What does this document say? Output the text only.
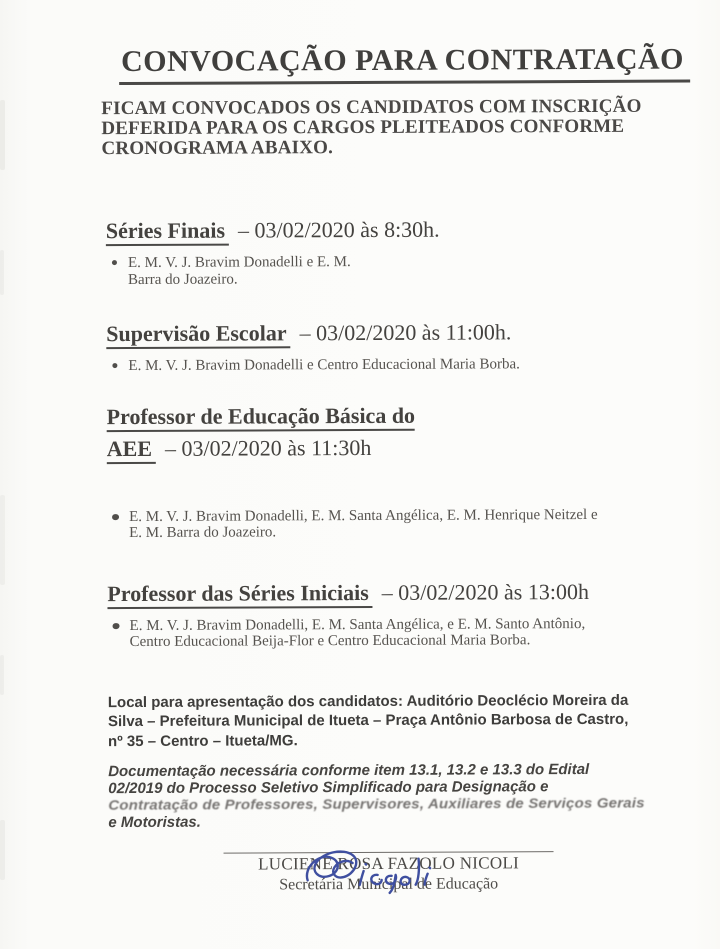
CONVOCAÇÃO PARA CONTRATAÇÃO

FICAM CONVOCADOS OS CANDIDATOS COM INSCRIÇÃO
DEFERIDA PARA OS CARGOS PLEITEADOS CONFORME
CRONOGRAMA ABAIXO.

Séries Finais – 03/02/2020 às 8:30h.
E. M. V. J. Bravim Donadelli e E. M.
Barra do Joazeiro.
Supervisão Escolar – 03/02/2020 às 11:00h.
E. M. V. J. Bravim Donadelli e Centro Educacional Maria Borba.
Professor de Educação Básica do AEE – 03/02/2020 às 11:30h
E. M. V. J. Bravim Donadelli, E. M. Santa Angélica, E. M. Henrique Neitzel e
E. M. Barra do Joazeiro.
Professor das Séries Iniciais – 03/02/2020 às 13:00h
E. M. V. J. Bravim Donadelli, E. M. Santa Angélica, e E. M. Santo Antônio,
Centro Educacional Beija-Flor e Centro Educacional Maria Borba.

Local para apresentação dos candidatos: Auditório Deoclécio Moreira da
Silva – Prefeitura Municipal de Itueta – Praça Antônio Barbosa de Castro,
nº 35 – Centro – Itueta/MG.

Documentação necessária conforme item 13.1, 13.2 e 13.3 do Edital
02/2019 do Processo Seletivo Simplificado para Designação e
Contratação de Professores, Supervisores, Auxiliares de Serviços Gerais
e Motoristas.

LUCIENE ROSA FAZOLO NICOLI
Secretária Municipal de Educação
